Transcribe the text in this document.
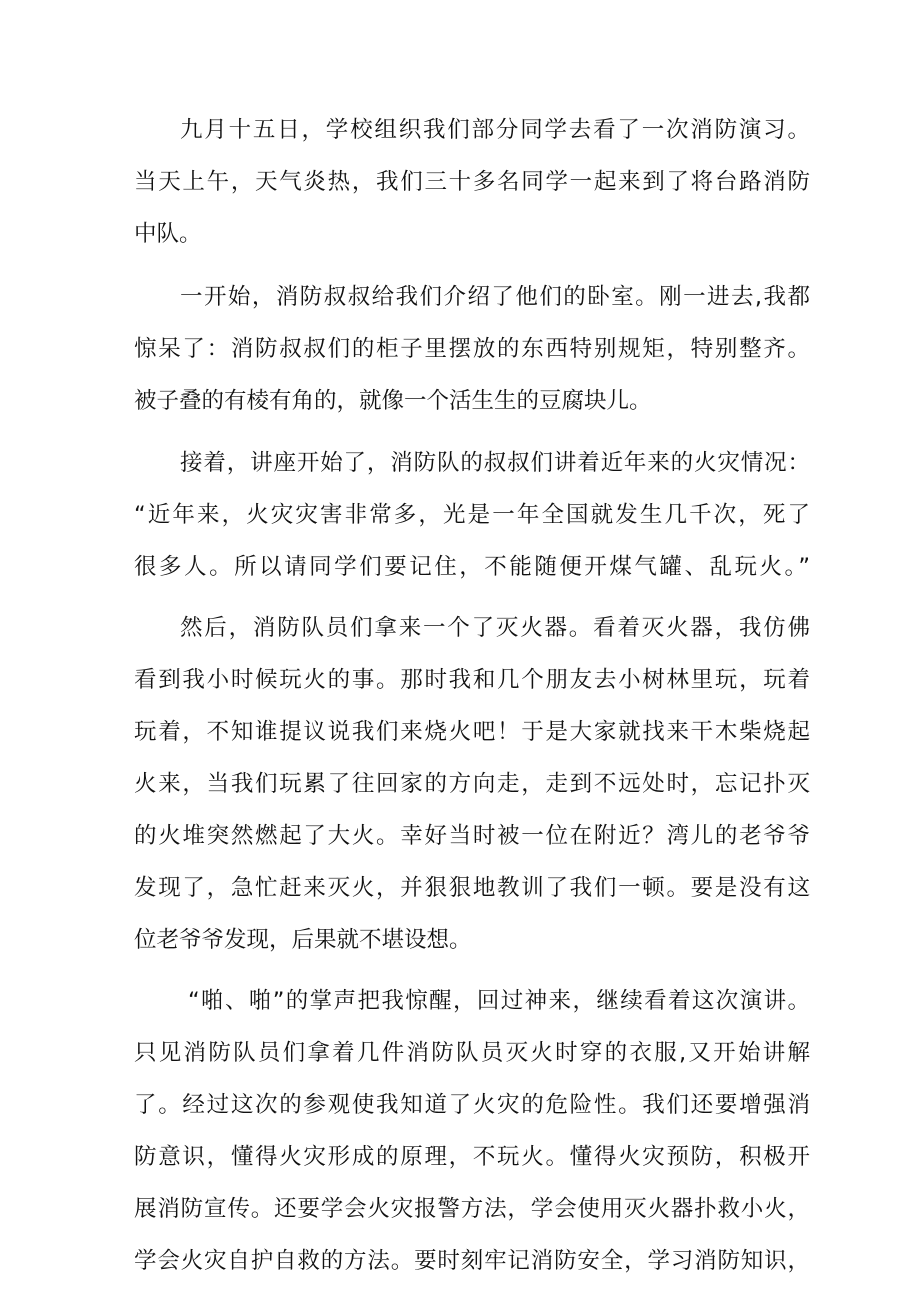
九月十五日，学校组织我们部分同学去看了一次消防演习。
当天上午，天气炎热，我们三十多名同学一起来到了将台路消防
中队。
一开始，消防叔叔给我们介绍了他们的卧室。刚一进去,我都
惊呆了：消防叔叔们的柜子里摆放的东西特别规矩，特别整齐。
被子叠的有棱有角的，就像一个活生生的豆腐块儿。
接着，讲座开始了，消防队的叔叔们讲着近年来的火灾情况：
“近年来，火灾灾害非常多，光是一年全国就发生几千次，死了
很多人。所以请同学们要记住，不能随便开煤气罐、乱玩火。”
然后，消防队员们拿来一个了灭火器。看着灭火器，我仿佛
看到我小时候玩火的事。那时我和几个朋友去小树林里玩，玩着
玩着，不知谁提议说我们来烧火吧！于是大家就找来干木柴烧起
火来，当我们玩累了往回家的方向走，走到不远处时，忘记扑灭
的火堆突然燃起了大火。幸好当时被一位在附近？湾儿的老爷爷
发现了，急忙赶来灭火，并狠狠地教训了我们一顿。要是没有这
位老爷爷发现，后果就不堪设想。
“啪、啪”的掌声把我惊醒，回过神来，继续看着这次演讲。
只见消防队员们拿着几件消防队员灭火时穿的衣服,又开始讲解
了。经过这次的参观使我知道了火灾的危险性。我们还要增强消
防意识，懂得火灾形成的原理，不玩火。懂得火灾预防，积极开
展消防宣传。还要学会火灾报警方法，学会使用灭火器扑救小火，
学会火灾自护自救的方法。要时刻牢记消防安全，学习消防知识，
